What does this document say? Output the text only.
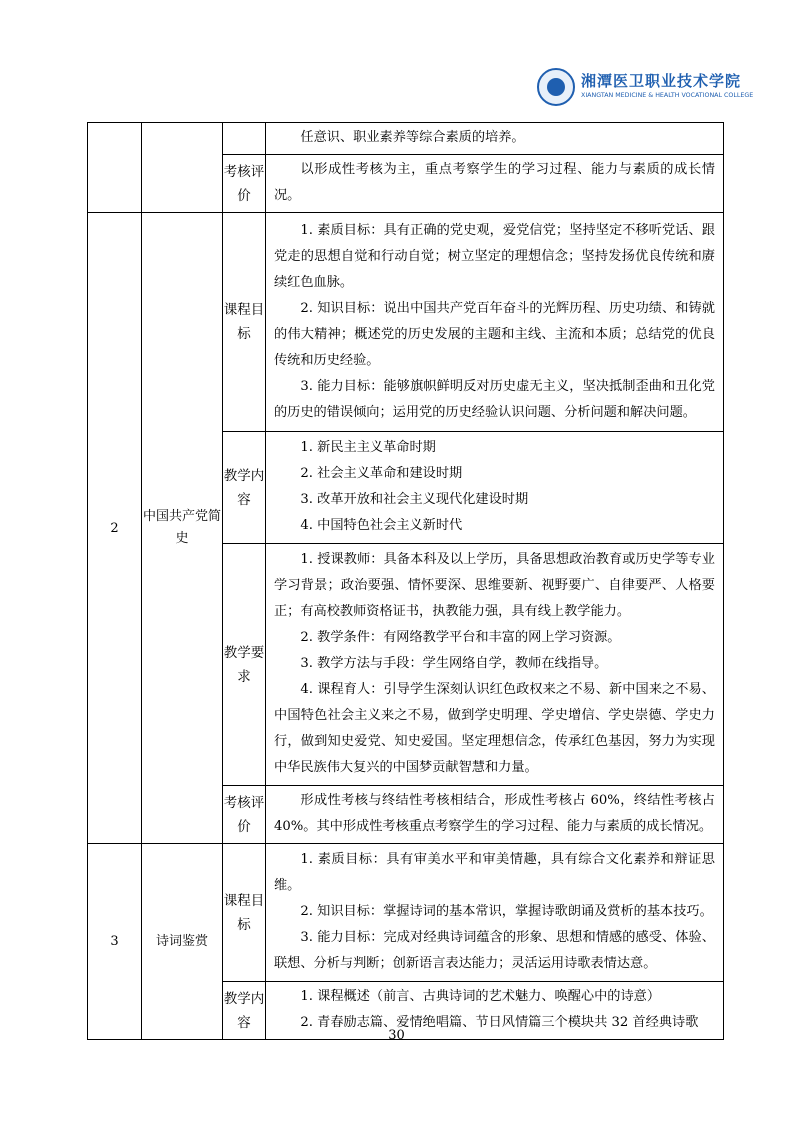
湘潭医卫职业技术学院
XIANGTAN MEDICINE & HEALTH VOCATIONAL COLLEGE

			任意识、职业素养等综合素质的培养。

		考核评价	以形成性考核为主，重点考察学生的学习过程、能力与素质的成长情况。

2	中国共产党简史	课程目标	1. 素质目标：具有正确的党史观，爱党信党；坚持坚定不移听党话、跟党走的思想自觉和行动自觉；树立坚定的理想信念；坚持发扬优良传统和赓续红色血脉。

2. 知识目标：说出中国共产党百年奋斗的光辉历程、历史功绩、和铸就的伟大精神；概述党的历史发展的主题和主线、主流和本质；总结党的优良传统和历史经验。

3. 能力目标：能够旗帜鲜明反对历史虚无主义，坚决抵制歪曲和丑化党的历史的错误倾向；运用党的历史经验认识问题、分析问题和解决问题。

		教学内容	1. 新民主主义革命时期

2. 社会主义革命和建设时期

3. 改革开放和社会主义现代化建设时期

4. 中国特色社会主义新时代

		教学要求	1. 授课教师：具备本科及以上学历，具备思想政治教育或历史学等专业学习背景；政治要强、情怀要深、思维要新、视野要广、自律要严、人格要正；有高校教师资格证书，执教能力强，具有线上教学能力。

2. 教学条件：有网络教学平台和丰富的网上学习资源。

3. 教学方法与手段：学生网络自学，教师在线指导。

4. 课程育人：引导学生深刻认识红色政权来之不易、新中国来之不易、中国特色社会主义来之不易，做到学史明理、学史增信、学史崇德、学史力行，做到知史爱党、知史爱国。坚定理想信念，传承红色基因，努力为实现中华民族伟大复兴的中国梦贡献智慧和力量。

		考核评价	形成性考核与终结性考核相结合，形成性考核占 60%，终结性考核占 40%。其中形成性考核重点考察学生的学习过程、能力与素质的成长情况。

3	诗词鉴赏	课程目标	1. 素质目标：具有审美水平和审美情趣，具有综合文化素养和辩证思维。

2. 知识目标：掌握诗词的基本常识，掌握诗歌朗诵及赏析的基本技巧。

3. 能力目标：完成对经典诗词蕴含的形象、思想和情感的感受、体验、联想、分析与判断；创新语言表达能力；灵活运用诗歌表情达意。

		教学内容	1. 课程概述（前言、古典诗词的艺术魅力、唤醒心中的诗意）

2. 青春励志篇、爱情绝唱篇、节日风情篇三个模块共 32 首经典诗歌

30
